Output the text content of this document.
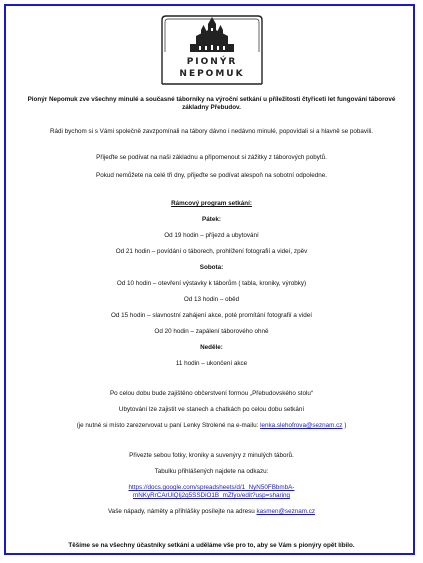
PIONÝR
NEPOMUK

Pionýr Nepomuk zve všechny minulé a současné táborníky na výroční setkání u příležitosti čtyřiceti let fungování táborové základny Přebudov.

Rádi bychom si s Vámi společně zavzpomínali na tábory dávno i nedávno minulé, popovídali si a hlavně se pobavili.

Přijeďte se podívat na naši základnu a připomenout si zážitky z táborových pobytů.

Pokud nemůžete na celé tři dny, přijeďte se podívat alespoň na sobotní odpoledne.

Rámcový program setkání:

Pátek:

Od 19 hodin – příjezd a ubytování

Od 21 hodin – povídání o táborech, prohlížení fotografií a videí, zpěv

Sobota:

Od 10 hodin – otevření výstavky k táborům ( tabla, kroniky, výrobky)

Od 13 hodin – oběd

Od 15 hodin – slavnostní zahájení akce, poté promítání fotografií a videí

Od 20 hodin – zapálení táborového ohně

Neděle:

11 hodin – ukončení akce

Po celou dobu bude zajištěno občerstvení formou „Přebudovského stolu“

Ubytování lze zajistit ve stanech a chatkách po celou dobu setkání

(je nutné si místo zarezervovat u paní Lenky Strolené na e-mailu: lenka.slehofrova@seznam.cz )

Přivezte sebou fotky, kroniky a suvenýry z minulých táborů.

Tabulku přihlášených najdete na odkazu:

https://docs.google.com/spreadsheets/d/1_NyN50FBbmbA-
mNKyRrCArUlQIj2q5SSDiO1B_mZfyo/edit?usp=sharing

Vaše nápady, náměty a přihlášky posílejte na adresu kasmen@seznam.cz

Těšíme se na všechny účastníky setkání a uděláme vše pro to, aby se Vám s pionýry opět líbilo.
